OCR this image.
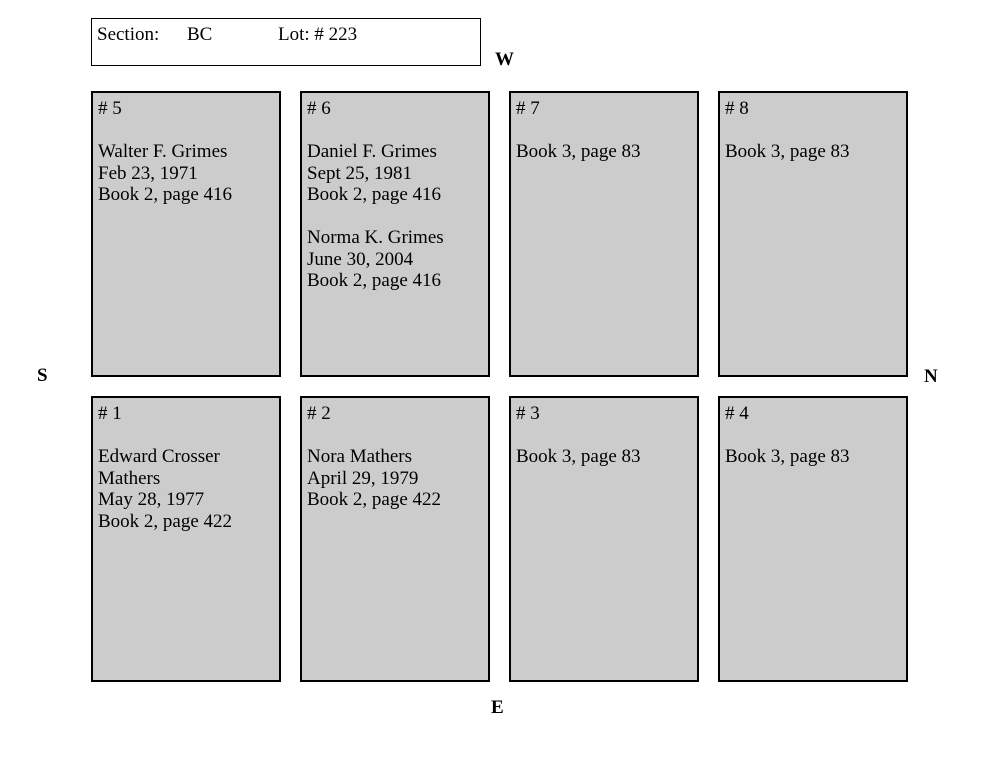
Section: BC	Lot: # 223
W
S	N
E
# 5
Walter F. Grimes
Feb 23, 1971
Book 2, page 416
# 6
Daniel F. Grimes
Sept 25, 1981
Book 2, page 416
Norma K. Grimes
June 30, 2004
Book 2, page 416
# 7
Book 3, page 83
# 8
Book 3, page 83
# 1
Edward Crosser
Mathers
May 28, 1977
Book 2, page 422
# 2
Nora Mathers
April 29, 1979
Book 2, page 422
# 3
Book 3, page 83
# 4
Book 3, page 83
